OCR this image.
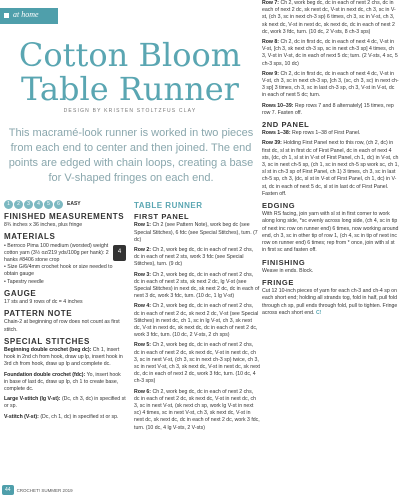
at home
Cotton Bloom
Table Runner
DESIGN BY KRISTEN STOLTZFUS CLAY
This macramé-look runner is worked in two pieces from each end to center and then joined. The end points are edged with chain loops, creating a base for V-shaped fringes on each end.
1	2	3	4	5	6	EASY
FINISHED MEASUREMENTS
8¾ inches x 36 inches, plus fringe
MATERIALS
• Berroco Pima 100 medium (worsted) weight cotton yarn (3½ oz/219 yds/100g per hank): 2 hanks #8406 stone crop
4
• Size G/6/4mm crochet hook or size needed to obtain gauge
• Tapestry needle
GAUGE
17 sts and 9 rows of dc = 4 inches
PATTERN NOTE
Chain-2 at beginning of row does not count as first stitch.
SPECIAL STITCHES
Beginning double crochet (beg dc): Ch 1, insert hook in 2nd ch from hook, draw up lp, insert hook in 3rd ch from hook, draw up lp and complete dc.
Foundation double crochet (fdc): Yo, insert hook in base of last dc, draw up lp, ch 1 to create base, complete dc.
Large V-stitch (lg V-st): (Dc, ch 3, dc) in specified st or sp.
V-stitch (V-st): (Dc, ch 1, dc) in specified st or sp.
TABLE RUNNER
FIRST PANEL
Row 1: Ch 2 (see Pattern Note), work beg dc (see Special Stitches), 6 fdc (see Special Stitches), turn. (7 dc)
Row 2: Ch 2, work beg dc, dc in each of next 2 chs, dc in each of next 2 sts, work 3 fdc (see Special Stitches), turn. (9 dc)
Row 3: Ch 2, work beg dc, dc in each of next 2 chs, dc in each of next 2 sts, sk next 2 dc, lg V-st (see Special Stitches) in next dc, sk next 2 dc, dc in each of next 3 dc, work 3 fdc, turn. (10 dc, 1 lg V-st)
Row 4: Ch 2, work beg dc, dc in each of next 2 chs, dc in each of next 2 dc, sk next 2 dc, V-st (see Special Stitches) in next dc, ch 1, sc in lg V-st, ch 3, sk next dc, V-st in next dc, sk next dc, dc in each of next 2 dc, work 3 fdc, turn. (10 dc, 2 V-sts, 2 ch sps)
Row 5: Ch 2, work beg dc, dc in each of next 2 chs, dc in each of next 2 dc, sk next dc, V-st in next dc, ch 3, sc in next V-st, (ch 3, sc in next ch-3 sp) twice, ch 3, sc in next V-st, ch 3, sk next dc, V-st in next dc, sk next dc, dc in each of next 2 dc, work 3 fdc, turn. (10 dc, 4 ch-3 sps)
Row 6: Ch 2, work beg dc, dc in each of next 2 chs, dc in each of next 2 dc, sk next dc, V-st in next dc, ch 3, sc in next V-st, (sk next ch sp, work lg V-st in next sc) 4 times, sc in next V-st, ch 3, sk next dc, V-st in next dc, sk next dc, dc in each of next 2 dc, work 3 fdc, turn. (10 dc, 4 lg V-sts, 2 V-sts)
44	CROCHET! SUMMER 2019
Row 7: Ch 2, work beg dc, dc in each of next 2 chs, dc in each of next 2 dc, sk next dc, V-st in next dc, ch 3, sc in V-st, (ch 3, sc in next ch-3 sp) 6 times, ch 3, sc in V-st, ch 3, sk next dc, V-st in next dc, sk next dc, dc in each of next 2 dc, work 3 fdc, turn. (10 dc, 2 V-sts, 8 ch-3 sps)
Row 8: Ch 2, dc in first dc, dc in each of next 4 dc, V-st in V-st, [ch 3, sk next ch-3 sp, sc in next ch-3 sp] 4 times, ch 3, V-st in V-st, dc in each of next 5 dc; turn. (2 V-sts, 4 sc, 5 ch-3 sps, 10 dc)
Row 9: Ch 2, dc in first dc, dc in each of next 4 dc, V-st in V-st, ch 3, sc in next ch-3 sp, [ch 3, (sc, ch 3, sc) in next ch-3 sp] 3 times, ch 3, sc in last ch-3 sp, ch 3, V-st in V-st, dc in each of next 5 dc; turn.
Rows 10–39: Rep rows 7 and 8 alternately] 15 times, rep row 7. Fasten off.
2ND PANEL
Rows 1–38: Rep rows 1–38 of First Panel.
Row 39: Holding First Panel next to this row, (ch 2, dc) in first dc, sl st in first dc of First Panel, dc in each of next 4 sts, (dc, ch 1, sl st in V-st of First Panel, ch 1, dc) in V-st, ch 3, sc in next ch-5 sp, (ch 1, sc in next ch-5 sp work sc, ch 1, sl st in ch-3 sp of First Panel, ch 1) 3 times, ch 3, sc in last ch-5 sp, ch 3, (dc, sl st in V-st of First Panel, ch 1, dc) in V-st, dc in each of next 5 dc, sl st in last dc of First Panel. Fasten off.
EDGING
With RS facing, join yarn with sl st in first corner to work along long side, *sc evenly across long side, (ch 4, sc in tip of next inc row on runner end) 6 times, now working around end, ch 3, sc in other tip of row 1, (ch 4, sc in tip of next inc row on runner end) 6 times; rep from * once, join with sl st in first sc and fasten off.
FINISHING
Weave in ends. Block.
FRINGE
Cut 12 10-inch pieces of yarn for each ch-3 and ch-4 sp on each short end; holding all strands tog, fold in half, pull fold through ch sp, pull ends through fold, pull to tighten. Fringe across each short end. C!
